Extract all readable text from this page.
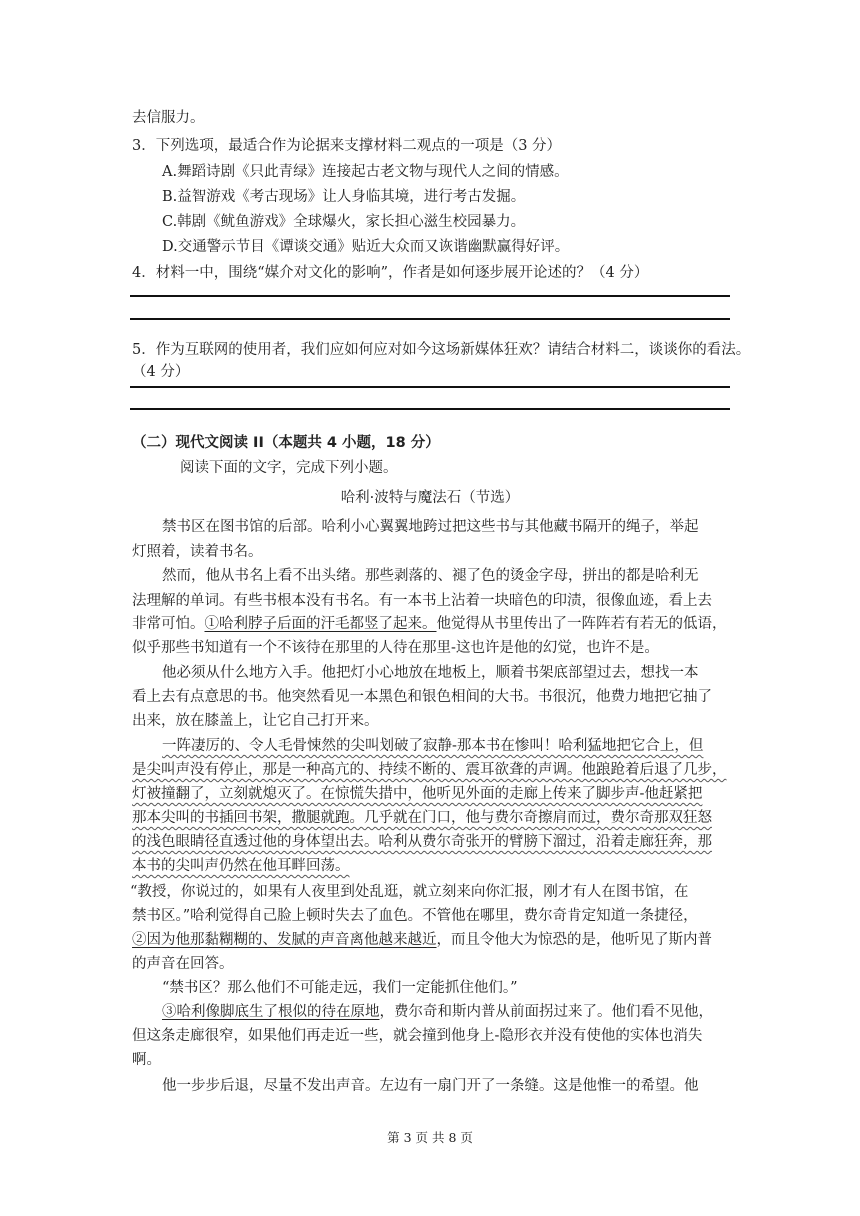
去信服力。
3．下列选项，最适合作为论据来支撑材料二观点的一项是（3 分）
A.舞蹈诗剧《只此青绿》连接起古老文物与现代人之间的情感。
B.益智游戏《考古现场》让人身临其境，进行考古发掘。
C.韩剧《鱿鱼游戏》全球爆火，家长担心滋生校园暴力。
D.交通警示节目《谭谈交通》贴近大众而又诙谐幽默赢得好评。
4．材料一中，围绕“媒介对文化的影响”，作者是如何逐步展开论述的？（4 分）
5．作为互联网的使用者，我们应如何应对如今这场新媒体狂欢？请结合材料二，谈谈你的看法。
（4 分）
（二）现代文阅读 II（本题共 4 小题，18 分）
阅读下面的文字，完成下列小题。
哈利·波特与魔法石（节选）
禁书区在图书馆的后部。哈利小心翼翼地跨过把这些书与其他藏书隔开的绳子，举起
灯照着，读着书名。
然而，他从书名上看不出头绪。那些剥落的、褪了色的烫金字母，拼出的都是哈利无
法理解的单词。有些书根本没有书名。有一本书上沾着一块暗色的印渍，很像血迹，看上去
非常可怕。①哈利脖子后面的汗毛都竖了起来。他觉得从书里传出了一阵阵若有若无的低语，
似乎那些书知道有一个不该待在那里的人待在那里-这也许是他的幻觉，也许不是。
他必须从什么地方入手。他把灯小心地放在地板上，顺着书架底部望过去，想找一本
看上去有点意思的书。他突然看见一本黑色和银色相间的大书。书很沉，他费力地把它抽了
出来，放在膝盖上，让它自己打开来。
一阵凄厉的、令人毛骨悚然的尖叫划破了寂静-那本书在惨叫！哈利猛地把它合上，但
是尖叫声没有停止，那是一种高亢的、持续不断的、震耳欲聋的声调。他踉跄着后退了几步，
灯被撞翻了，立刻就熄灭了。在惊慌失措中，他听见外面的走廊上传来了脚步声-他赶紧把
那本尖叫的书插回书架，撒腿就跑。几乎就在门口，他与费尔奇擦肩而过，费尔奇那双狂怒
的浅色眼睛径直透过他的身体望出去。哈利从费尔奇张开的臂膀下溜过，沿着走廊狂奔，那
本书的尖叫声仍然在他耳畔回荡。
“教授，你说过的，如果有人夜里到处乱逛，就立刻来向你汇报，刚才有人在图书馆，在
禁书区。”哈利觉得自己脸上顿时失去了血色。不管他在哪里，费尔奇肯定知道一条捷径，
②因为他那黏糊糊的、发腻的声音离他越来越近，而且令他大为惊恐的是，他听见了斯内普
的声音在回答。
“禁书区？那么他们不可能走远，我们一定能抓住他们。”
③哈利像脚底生了根似的待在原地，费尔奇和斯内普从前面拐过来了。他们看不见他，
但这条走廊很窄，如果他们再走近一些，就会撞到他身上-隐形衣并没有使他的实体也消失
啊。
他一步步后退，尽量不发出声音。左边有一扇门开了一条缝。这是他惟一的希望。他
第 3 页 共 8 页
